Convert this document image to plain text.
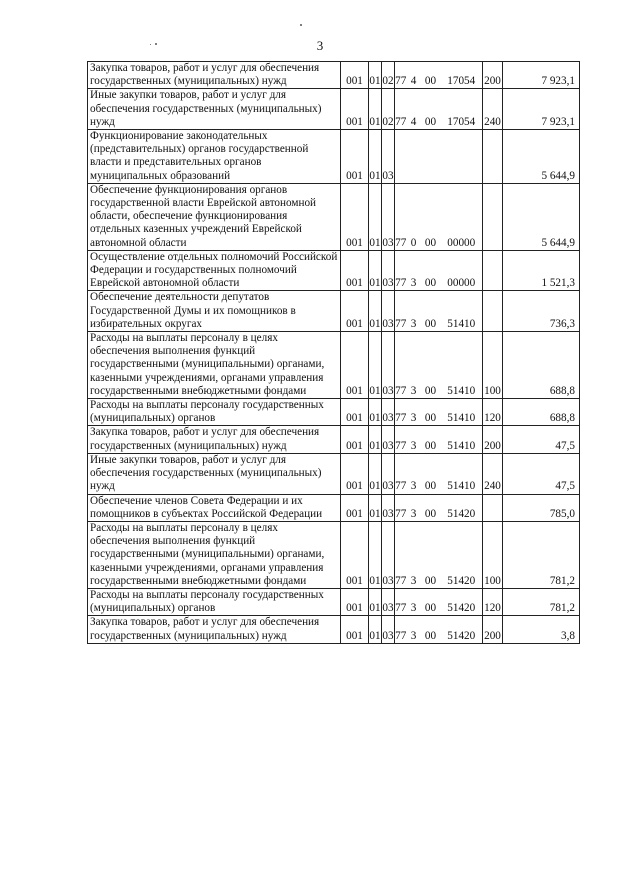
3
Закупка товаров, работ и услуг для обеспечения государственных (муниципальных) нужд	001	01	02	77	4	00	17054	200	7 923,1
Иные закупки товаров, работ и услуг для обеспечения государственных (муниципальных) нужд	001	01	02	77	4	00	17054	240	7 923,1
Функционирование законодательных (представительных) органов государственной власти и представительных органов муниципальных образований	001	01	03						5 644,9
Обеспечение функционирования органов государственной власти Еврейской автономной области, обеспечение функционирования отдельных казенных учреждений Еврейской автономной области	001	01	03	77	0	00	00000		5 644,9
Осуществление отдельных полномочий Российской Федерации и государственных полномочий Еврейской автономной области	001	01	03	77	3	00	00000		1 521,3
Обеспечение деятельности депутатов Государственной Думы и их помощников в избирательных округах	001	01	03	77	3	00	51410		736,3
Расходы на выплаты персоналу в целях обеспечения выполнения функций государственными (муниципальными) органами, казенными учреждениями, органами управления государственными внебюджетными фондами	001	01	03	77	3	00	51410	100	688,8
Расходы на выплаты персоналу государственных (муниципальных) органов	001	01	03	77	3	00	51410	120	688,8
Закупка товаров, работ и услуг для обеспечения государственных (муниципальных) нужд	001	01	03	77	3	00	51410	200	47,5
Иные закупки товаров, работ и услуг для обеспечения государственных (муниципальных) нужд	001	01	03	77	3	00	51410	240	47,5
Обеспечение членов Совета Федерации и их помощников в субъектах Российской Федерации	001	01	03	77	3	00	51420		785,0
Расходы на выплаты персоналу в целях обеспечения выполнения функций государственными (муниципальными) органами, казенными учреждениями, органами управления государственными внебюджетными фондами	001	01	03	77	3	00	51420	100	781,2
Расходы на выплаты персоналу государственных (муниципальных) органов	001	01	03	77	3	00	51420	120	781,2
Закупка товаров, работ и услуг для обеспечения государственных (муниципальных) нужд	001	01	03	77	3	00	51420	200	3,8
